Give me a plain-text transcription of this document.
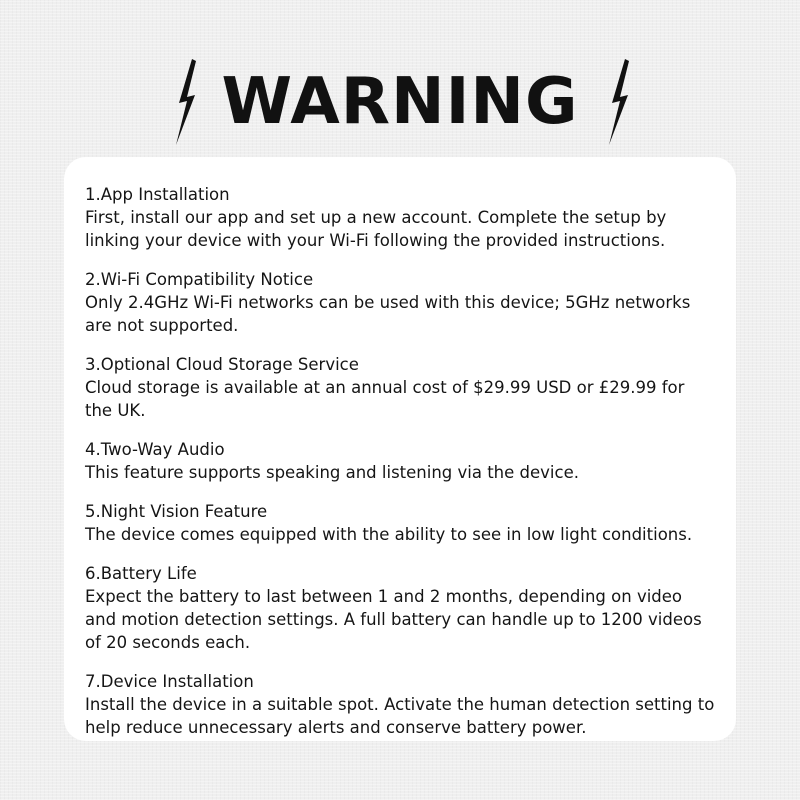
WARNING

1.App Installation

First, install our app and set up a new account. Complete the setup by linking your device with your Wi-Fi following the provided instructions.

2.Wi-Fi Compatibility Notice

Only 2.4GHz Wi-Fi networks can be used with this device; 5GHz networks are not supported.

3.Optional Cloud Storage Service

Cloud storage is available at an annual cost of $29.99 USD or £29.99 for the UK.

4.Two-Way Audio

This feature supports speaking and listening via the device.

5.Night Vision Feature

The device comes equipped with the ability to see in low light conditions.

6.Battery Life

Expect the battery to last between 1 and 2 months, depending on video and motion detection settings. A full battery can handle up to 1200 videos of 20 seconds each.

7.Device Installation

Install the device in a suitable spot. Activate the human detection setting to help reduce unnecessary alerts and conserve battery power.
